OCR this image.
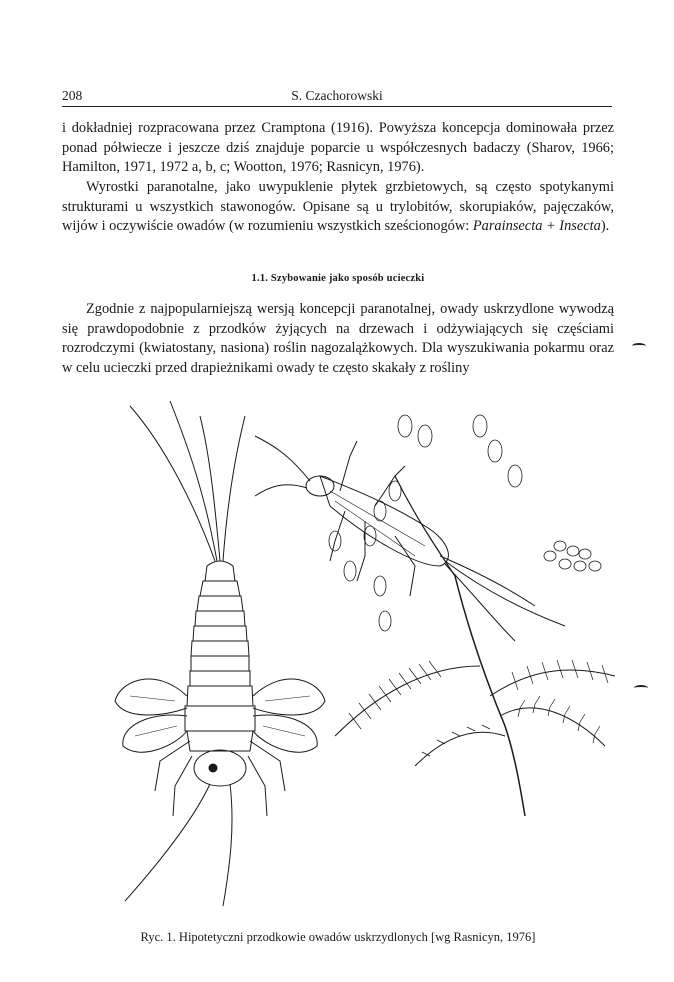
208	S. Czachorowski

i dokładniej rozpracowana przez Cramptona (1916). Powyższa koncepcja dominowała przez ponad półwiecze i jeszcze dziś znajduje poparcie u współczesnych badaczy (Sharov, 1966; Hamilton, 1971, 1972 a, b, c; Wootton, 1976; Rasnicyn, 1976).

Wyrostki paranotalne, jako uwypuklenie płytek grzbietowych, są często spotykanymi strukturami u wszystkich stawonogów. Opisane są u trylobitów, skorupiaków, pajęczaków, wijów i oczywiście owadów (w rozumieniu wszystkich sześcionogów: Parainsecta + Insecta).

1.1. Szybowanie jako sposób ucieczki

Zgodnie z najpopularniejszą wersją koncepcji paranotalnej, owady uskrzydlone wywodzą się prawdopodobnie z przodków żyjących na drzewach i odżywiających się częściami rozrodczymi (kwiatostany, nasiona) roślin nagozalążkowych. Dla wyszukiwania pokarmu oraz w celu ucieczki przed drapieżnikami owady te często skakały z rośliny

Ryc. 1. Hipotetyczni przodkowie owadów uskrzydlonych [wg Rasnicyn, 1976]
